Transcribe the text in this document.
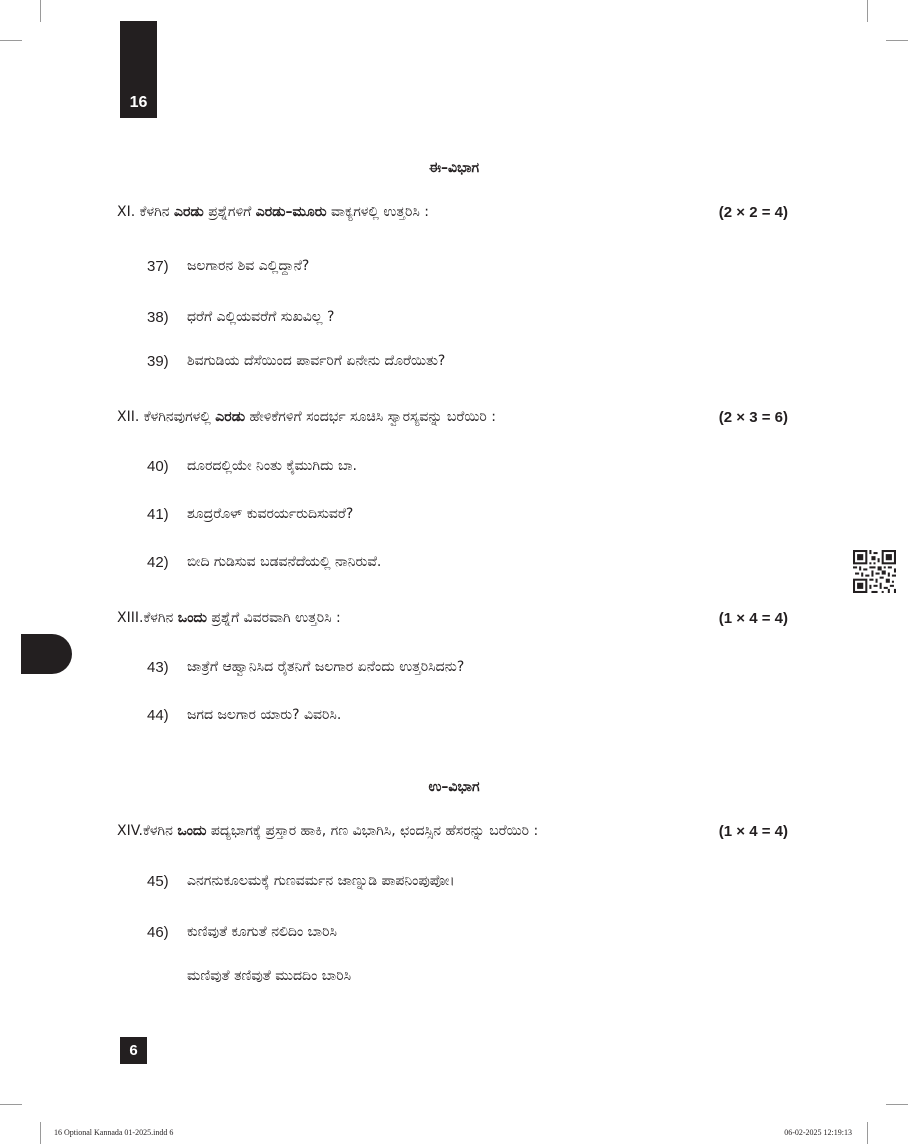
16
ಈ–ವಿಭಾಗ
XI. ಕೆಳಗಿನ ಎರಡು ಪ್ರಶ್ನೆಗಳಿಗೆ ಎರಡು–ಮೂರು ವಾಕ್ಯಗಳಲ್ಲಿ ಉತ್ತರಿಸಿ :	(2 × 2 = 4)
37)	ಜಲಗಾರನ ಶಿವ ಎಲ್ಲಿದ್ದಾನೆ?
38)	ಧರೆಗೆ ಎಲ್ಲಿಯವರೆಗೆ ಸುಖವಿಲ್ಲ ?
39)	ಶಿವಗುಡಿಯ ದೆಸೆಯಿಂದ ಪಾರ್ವರಿಗೆ ಏನೇನು ದೊರೆಯಿತು?
XII. ಕೆಳಗಿನವುಗಳಲ್ಲಿ ಎರಡು ಹೇಳಿಕೆಗಳಿಗೆ ಸಂದರ್ಭ ಸೂಚಿಸಿ ಸ್ವಾರಸ್ಯವನ್ನು ಬರೆಯಿರಿ :	(2 × 3 = 6)
40)	ದೂರದಲ್ಲಿಯೇ ನಿಂತು ಕೈಮುಗಿದು ಬಾ.
41)	ಶೂದ್ರರೊಳ್ ಕುವರರ್ಯರುದಿಸುವರೆ?
42)	ಬೀದಿ ಗುಡಿಸುವ ಬಡವನೆದೆಯಲ್ಲಿ ನಾನಿರುವೆ.
XIII.ಕೆಳಗಿನ ಒಂದು ಪ್ರಶ್ನೆಗೆ ವಿವರವಾಗಿ ಉತ್ತರಿಸಿ :	(1 × 4 = 4)
43)	ಜಾತ್ರೆಗೆ ಆಹ್ವಾನಿಸಿದ ರೈತನಿಗೆ ಜಲಗಾರ ಏನೆಂದು ಉತ್ತರಿಸಿದನು?
44)	ಜಗದ ಜಲಗಾರ ಯಾರು? ವಿವರಿಸಿ.
ಉ–ವಿಭಾಗ
XIV.ಕೆಳಗಿನ ಒಂದು ಪದ್ಯಭಾಗಕ್ಕೆ ಪ್ರಸ್ತಾರ ಹಾಕಿ, ಗಣ ವಿಭಾಗಿಸಿ, ಛಂದಸ್ಸಿನ ಹೆಸರನ್ನು ಬರೆಯಿರಿ :	(1 × 4 = 4)
45)	ಎನಗನುಕೂಲಮಕ್ಕೆ ಗುಣವರ್ಮನ ಜಾಣ್ನುಡಿ ಪಾಪನಿಂಪುಪೋ।
46)	ಕುಣಿವುತೆ ಕೂಗುತೆ ನಲಿದಿಂ ಬಾರಿಸಿ
ಮಣಿವುತೆ ತಣಿವುತೆ ಮುದದಿಂ ಬಾರಿಸಿ
6
16 Optional Kannada 01-2025.indd 6	06-02-2025 12:19:13
